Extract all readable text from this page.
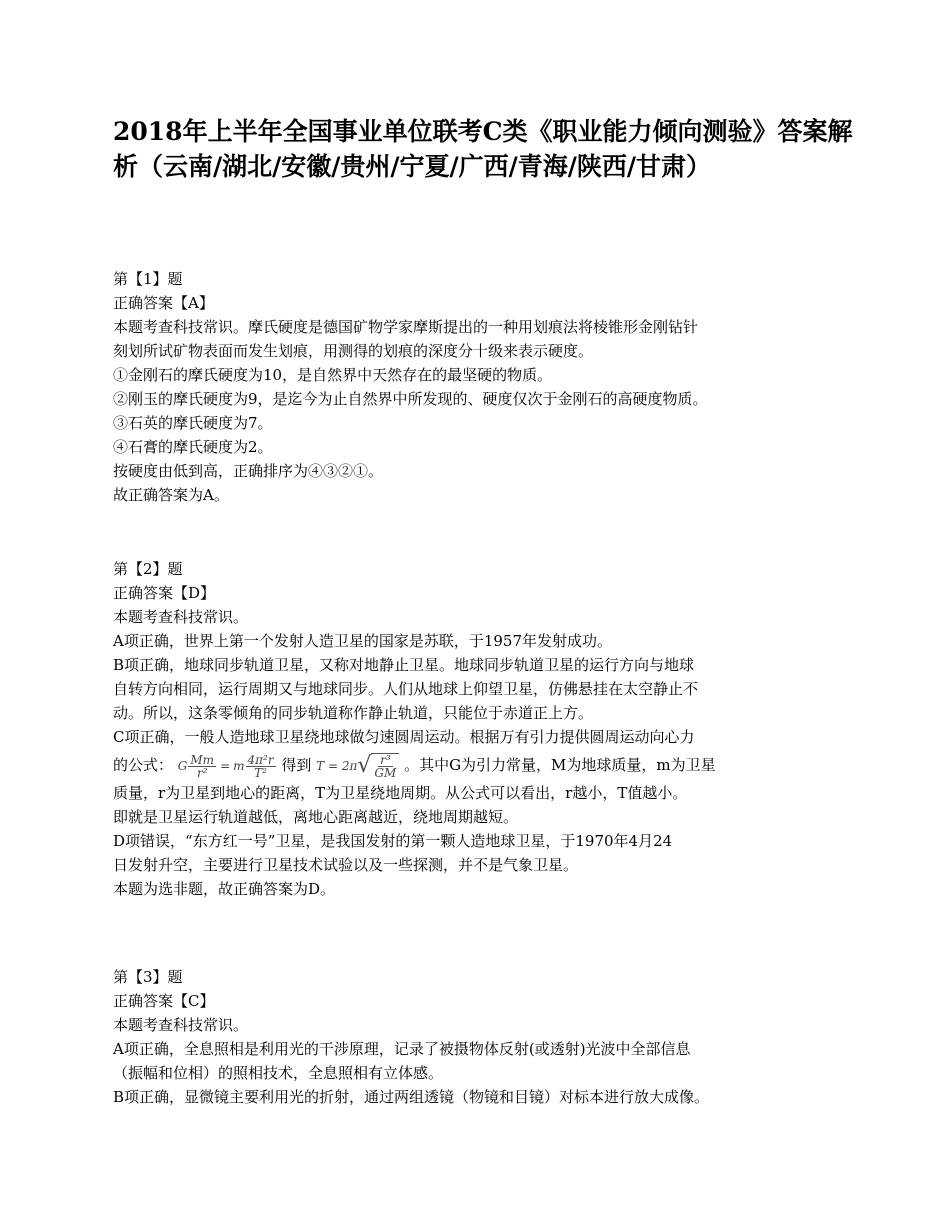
2018年上半年全国事业单位联考C类《职业能力倾向测验》答案解析（云南/湖北/安徽/贵州/宁夏/广西/青海/陕西/甘肃）

第【1】题

正确答案【A】

本题考查科技常识。摩氏硬度是德国矿物学家摩斯提出的一种用划痕法将棱锥形金刚钻针

刻划所试矿物表面而发生划痕，用测得的划痕的深度分十级来表示硬度。

①金刚石的摩氏硬度为10，是自然界中天然存在的最坚硬的物质。

②刚玉的摩氏硬度为9，是迄今为止自然界中所发现的、硬度仅次于金刚石的高硬度物质。

③石英的摩氏硬度为7。

④石膏的摩氏硬度为2。

按硬度由低到高，正确排序为④③②①。

故正确答案为A。

第【2】题

正确答案【D】

本题考查科技常识。

A项正确，世界上第一个发射人造卫星的国家是苏联，于1957年发射成功。

B项正确，地球同步轨道卫星，又称对地静止卫星。地球同步轨道卫星的运行方向与地球

自转方向相同，运行周期又与地球同步。人们从地球上仰望卫星，仿佛悬挂在太空静止不

动。所以，这条零倾角的同步轨道称作静止轨道，只能位于赤道正上方。

C项正确，一般人造地球卫星绕地球做匀速圆周运动。根据万有引力提供圆周运动向心力

的公式： G $\frac{Mm}{\text{r²}} = m \frac{\text{4π²r}}{\text{T²}}$ 得到 T = 2π √ $\frac{\text{r³}}{GM}$ 。其中G为引力常量，M为地球质量，m为卫星

质量，r为卫星到地心的距离，T为卫星绕地周期。从公式可以看出，r越小，T值越小。

即就是卫星运行轨道越低，离地心距离越近，绕地周期越短。

D项错误，“东方红一号”卫星，是我国发射的第一颗人造地球卫星，于1970年4月24

日发射升空，主要进行卫星技术试验以及一些探测，并不是气象卫星。

本题为选非题，故正确答案为D。

第【3】题

正确答案【C】

本题考查科技常识。

A项正确，全息照相是利用光的干涉原理，记录了被摄物体反射(或透射)光波中全部信息

（振幅和位相）的照相技术，全息照相有立体感。

B项正确，显微镜主要利用光的折射，通过两组透镜（物镜和目镜）对标本进行放大成像。
